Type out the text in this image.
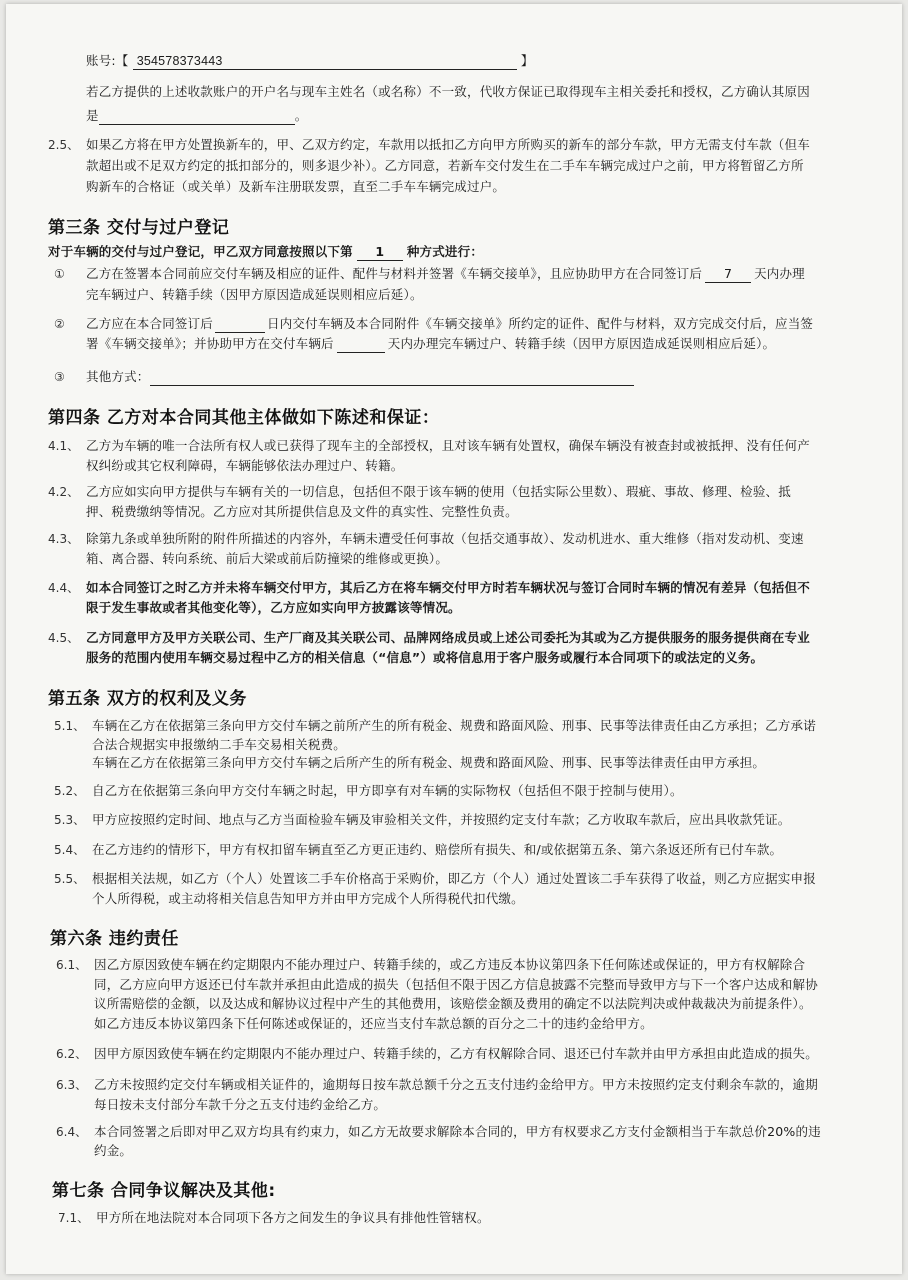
账号:【 354578373443	】
若乙方提供的上述收款账户的开户名与现车主姓名（或名称）不一致，代收方保证已取得现车主相关委托和授权，乙方确认其原因
是	。
2.5、 如果乙方将在甲方处置换新车的，甲、乙双方约定，车款用以抵扣乙方向甲方所购买的新车的部分车款，甲方无需支付车款（但车
款超出或不足双方约定的抵扣部分的，则多退少补）。乙方同意，若新车交付发生在二手车车辆完成过户之前，甲方将暂留乙方所
购新车的合格证（或关单）及新车注册联发票，直至二手车车辆完成过户。
第三条 交付与过户登记
对于车辆的交付与过户登记，甲乙双方同意按照以下第 1 种方式进行：
① 乙方在签署本合同前应交付车辆及相应的证件、配件与材料并签署《车辆交接单》，且应协助甲方在合同签订后 7 天内办理
完车辆过户、转籍手续（因甲方原因造成延误则相应后延）。
② 乙方应在本合同签订后	日内交付车辆及本合同附件《车辆交接单》所约定的证件、配件与材料，双方完成交付后，应当签
署《车辆交接单》；并协助甲方在交付车辆后	天内办理完车辆过户、转籍手续（因甲方原因造成延误则相应后延）。
③ 其他方式：
第四条 乙方对本合同其他主体做如下陈述和保证：
4.1、 乙方为车辆的唯一合法所有权人或已获得了现车主的全部授权，且对该车辆有处置权，确保车辆没有被查封或被抵押、没有任何产
权纠纷或其它权利障碍，车辆能够依法办理过户、转籍。
4.2、 乙方应如实向甲方提供与车辆有关的一切信息，包括但不限于该车辆的使用（包括实际公里数）、瑕疵、事故、修理、检验、抵
押、税费缴纳等情况。乙方应对其所提供信息及文件的真实性、完整性负责。
4.3、 除第九条或单独所附的附件所描述的内容外，车辆未遭受任何事故（包括交通事故）、发动机进水、重大维修（指对发动机、变速
箱、离合器、转向系统、前后大梁或前后防撞梁的维修或更换）。
4.4、 如本合同签订之时乙方并未将车辆交付甲方，其后乙方在将车辆交付甲方时若车辆状况与签订合同时车辆的情况有差异（包括但不
限于发生事故或者其他变化等），乙方应如实向甲方披露该等情况。
4.5、 乙方同意甲方及甲方关联公司、生产厂商及其关联公司、品牌网络成员或上述公司委托为其或为乙方提供服务的服务提供商在专业
服务的范围内使用车辆交易过程中乙方的相关信息（“信息”）或将信息用于客户服务或履行本合同项下的或法定的义务。
第五条 双方的权利及义务
5.1、 车辆在乙方在依据第三条向甲方交付车辆之前所产生的所有税金、规费和路面风险、刑事、民事等法律责任由乙方承担；乙方承诺
合法合规据实申报缴纳二手车交易相关税费。
车辆在乙方在依据第三条向甲方交付车辆之后所产生的所有税金、规费和路面风险、刑事、民事等法律责任由甲方承担。
5.2、 自乙方在依据第三条向甲方交付车辆之时起，甲方即享有对车辆的实际物权（包括但不限于控制与使用）。
5.3、 甲方应按照约定时间、地点与乙方当面检验车辆及审验相关文件，并按照约定支付车款；乙方收取车款后，应出具收款凭证。
5.4、 在乙方违约的情形下，甲方有权扣留车辆直至乙方更正违约、赔偿所有损失、和/或依据第五条、第六条返还所有已付车款。
5.5、 根据相关法规，如乙方（个人）处置该二手车价格高于采购价，即乙方（个人）通过处置该二手车获得了收益，则乙方应据实申报
个人所得税，或主动将相关信息告知甲方并由甲方完成个人所得税代扣代缴。
第六条 违约责任
6.1、 因乙方原因致使车辆在约定期限内不能办理过户、转籍手续的，或乙方违反本协议第四条下任何陈述或保证的，甲方有权解除合
同，乙方应向甲方返还已付车款并承担由此造成的损失（包括但不限于因乙方信息披露不完整而导致甲方与下一个客户达成和解协
议所需赔偿的金额，以及达成和解协议过程中产生的其他费用，该赔偿金额及费用的确定不以法院判决或仲裁裁决为前提条件）。
如乙方违反本协议第四条下任何陈述或保证的，还应当支付车款总额的百分之二十的违约金给甲方。
6.2、 因甲方原因致使车辆在约定期限内不能办理过户、转籍手续的，乙方有权解除合同、退还已付车款并由甲方承担由此造成的损失。
6.3、 乙方未按照约定交付车辆或相关证件的，逾期每日按车款总额千分之五支付违约金给甲方。甲方未按照约定支付剩余车款的，逾期
每日按未支付部分车款千分之五支付违约金给乙方。
6.4、 本合同签署之后即对甲乙双方均具有约束力，如乙方无故要求解除本合同的，甲方有权要求乙方支付金额相当于车款总价20%的违
约金。
第七条 合同争议解决及其他:
7.1、 甲方所在地法院对本合同项下各方之间发生的争议具有排他性管辖权。
